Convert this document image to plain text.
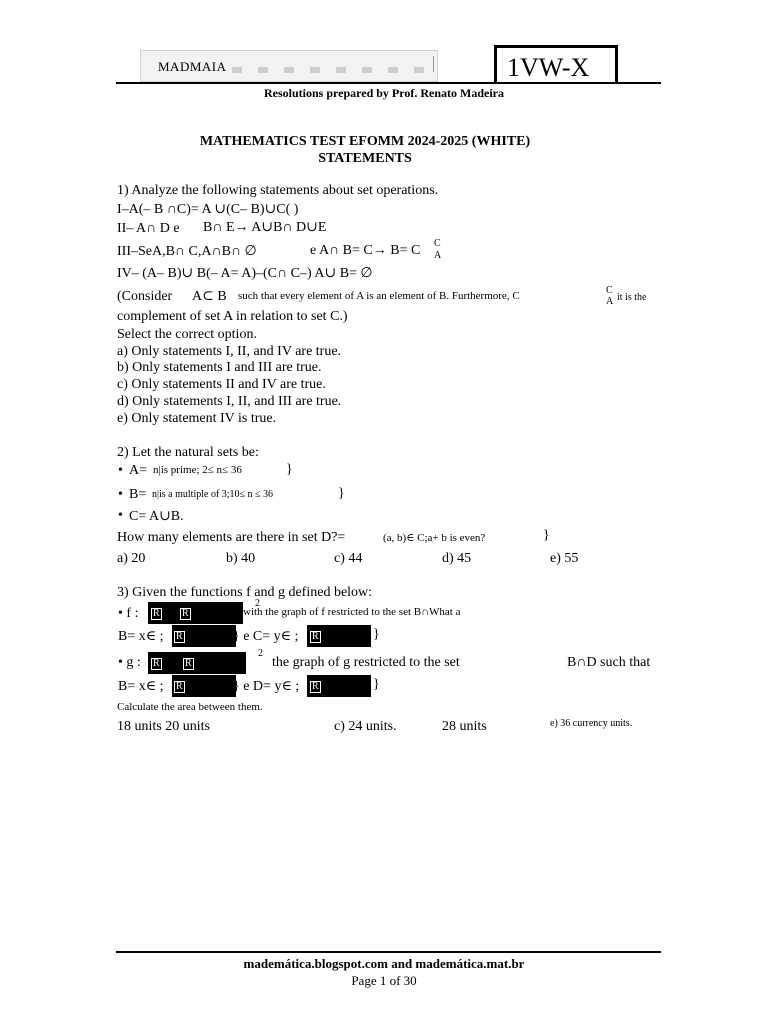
MADMAIA	1VW-X
Resolutions prepared by Prof. Renato Madeira
MATHEMATICS TEST EFOMM 2024-2025 (WHITE)
STATEMENTS
1) Analyze the following statements about set operations.
I–A(– B ∩C)= A ∪(C– B)∪C( )
II– A∩ D e B∩ E→ A∪B∩ D∪E
III–SeA,B∩ C,A∩B∩ ∅	e A∩ B= C→ B= C C
A
IV– (A– B)∪ B(– A= A)–(C∩ C–) A∪ B= ∅
(Consider A⊂ B such that every element of A is an element of B. Furthermore, C	C
A it is the
complement of set A in relation to set C.)
Select the correct option.
a) Only statements I, II, and IV are true.
b) Only statements I and III are true.
c) Only statements II and IV are true.
d) Only statements I, II, and III are true.
e) Only statement IV is true.
2) Let the natural sets be:
• A= n|is prime; 2≤ n≤ 36	}
• B= n|is a multiple of 3;10≤ n ≤ 36	}
• C= A∪B.
How many elements are there in set D?=	(a, b)∈ C;a+ b is even?	}
a) 20	b) 40	c) 44	d) 45	e) 55
3) Given the functions f and g defined below:
• f : R R
2
with the graph of f restricted to the set B∩What a
B= x∈ ; R	} e C= y∈ ; R	}
• g : R	R
2
the graph of g restricted to the set	B∩D such that
B= x∈ ; R	} e D= y∈ ; R	}
Calculate the area between them.
18 units 20 units	c) 24 units.	28 units	e) 36 currency units.
mademática.blogspot.com and mademática.mat.br
Page 1 of 30
